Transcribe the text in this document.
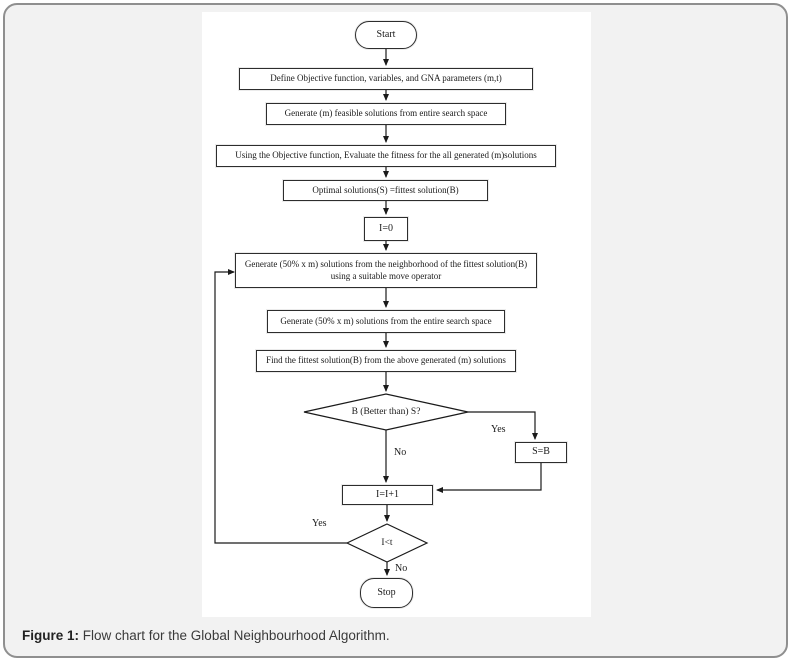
Start
Define Objective function, variables, and GNA parameters (m,t)
Generate (m) feasible solutions from entire search space
Using the Objective function, Evaluate the fitness for the all generated (m)solutions
Optimal solutions(S) =fittest solution(B)
I=0
Generate (50% x m) solutions from the neighborhood of the fittest solution(B)
using a suitable move operator
Generate (50% x m) solutions from the entire search space
Find the fittest solution(B) from the above generated (m) solutions
B (Better than) S?
S=B
I=I+1
I<t
Stop
Yes
No
Yes
No
Figure 1: Flow chart for the Global Neighbourhood Algorithm.
